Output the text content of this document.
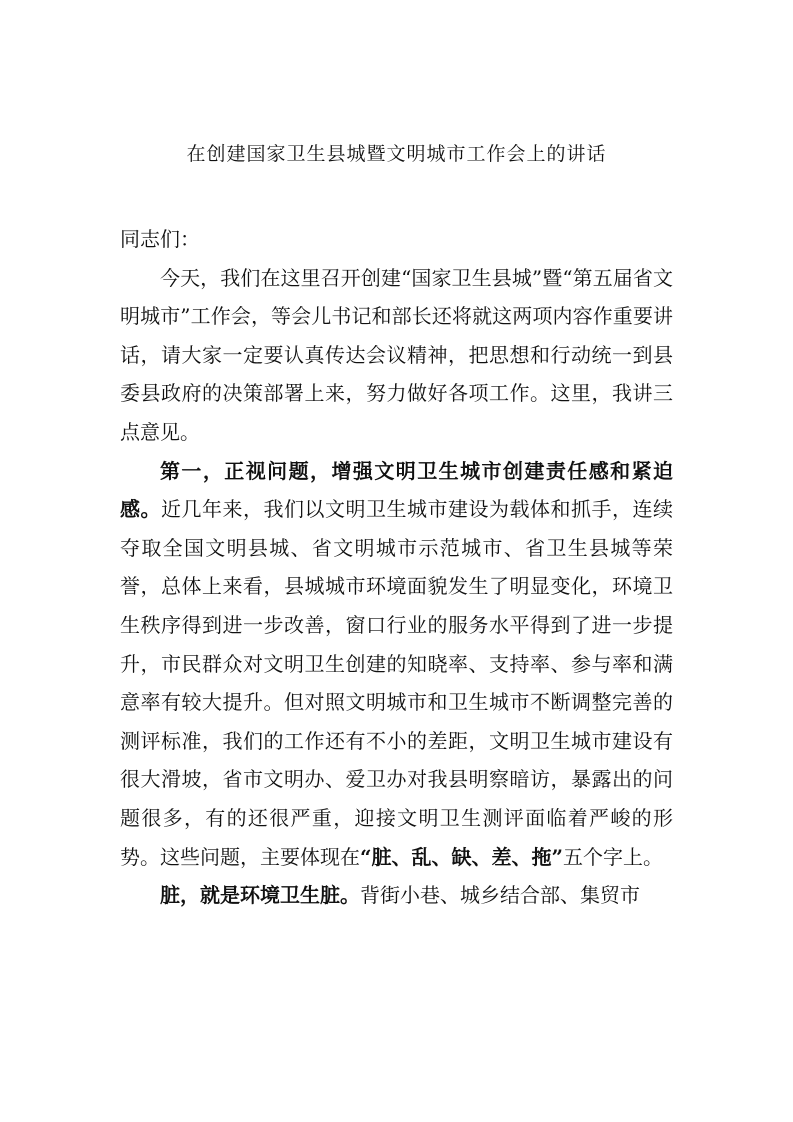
在创建国家卫生县城暨文明城市工作会上的讲话

同志们：

今天，我们在这里召开创建“国家卫生县城”暨“第五届省文明城市”工作会，等会儿书记和部长还将就这两项内容作重要讲话，请大家一定要认真传达会议精神，把思想和行动统一到县委县政府的决策部署上来，努力做好各项工作。这里，我讲三点意见。

第一，正视问题，增强文明卫生城市创建责任感和紧迫感。近几年来，我们以文明卫生城市建设为载体和抓手，连续夺取全国文明县城、省文明城市示范城市、省卫生县城等荣誉，总体上来看，县城城市环境面貌发生了明显变化，环境卫生秩序得到进一步改善，窗口行业的服务水平得到了进一步提升，市民群众对文明卫生创建的知晓率、支持率、参与率和满意率有较大提升。但对照文明城市和卫生城市不断调整完善的测评标准，我们的工作还有不小的差距，文明卫生城市建设有很大滑坡，省市文明办、爱卫办对我县明察暗访，暴露出的问题很多，有的还很严重，迎接文明卫生测评面临着严峻的形势。这些问题，主要体现在“脏、乱、缺、差、拖”五个字上。

脏，就是环境卫生脏。背街小巷、城乡结合部、集贸市
